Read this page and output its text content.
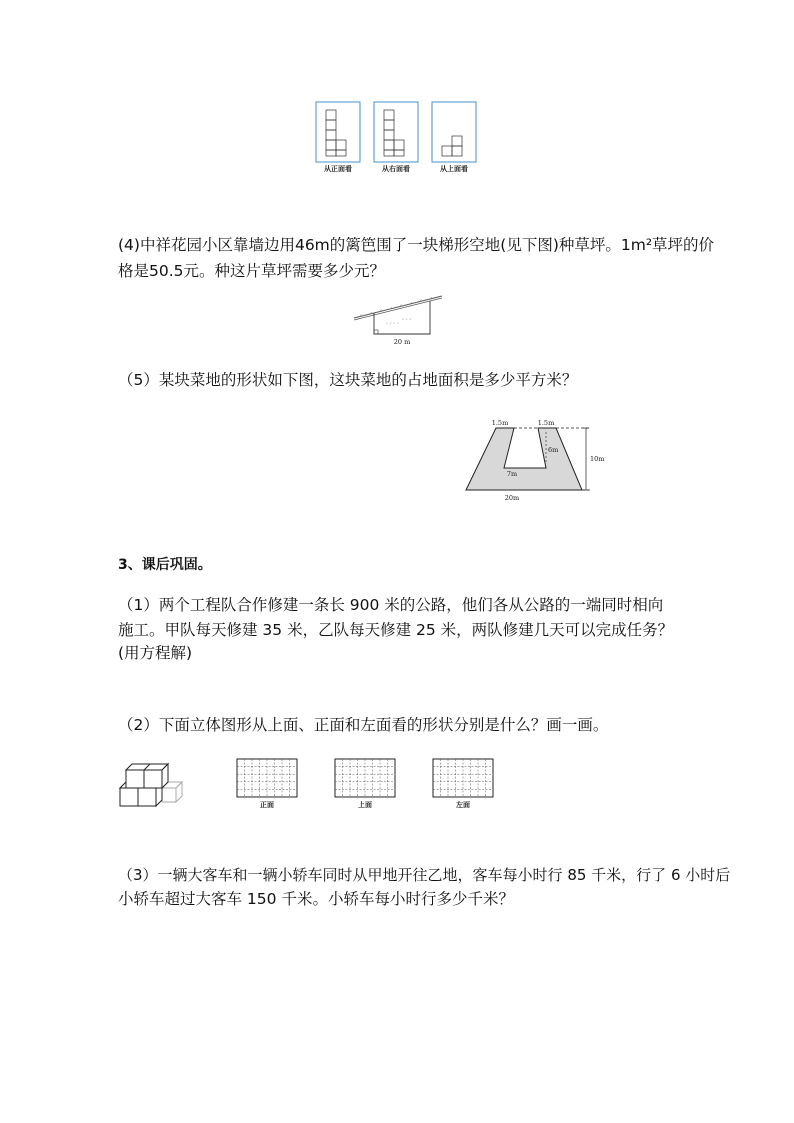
从正面看	从右面看	从上面看
(4)中祥花园小区靠墙边用46m的篱笆围了一块梯形空地(见下图)种草坪。1m²草坪的价
格是50.5元。种这片草坪需要多少元？
ᵥ ᵥ ᵥ ᵥ
ᵥ ᵥ ᵥ
20 m
（5）某块菜地的形状如下图，这块菜地的占地面积是多少平方米？
1.5m	1.5m
6m
10m
7m
20m
3、课后巩固。
（1）两个工程队合作修建一条长 900 米的公路，他们各从公路的一端同时相向
施工。甲队每天修建 35 米，乙队每天修建 25 米，两队修建几天可以完成任务？
(用方程解)
（2）下面立体图形从上面、正面和左面看的形状分别是什么？画一画。
正面	上面	左面
（3）一辆大客车和一辆小轿车同时从甲地开往乙地，客车每小时行 85 千米，行了 6 小时后
小轿车超过大客车 150 千米。小轿车每小时行多少千米？
